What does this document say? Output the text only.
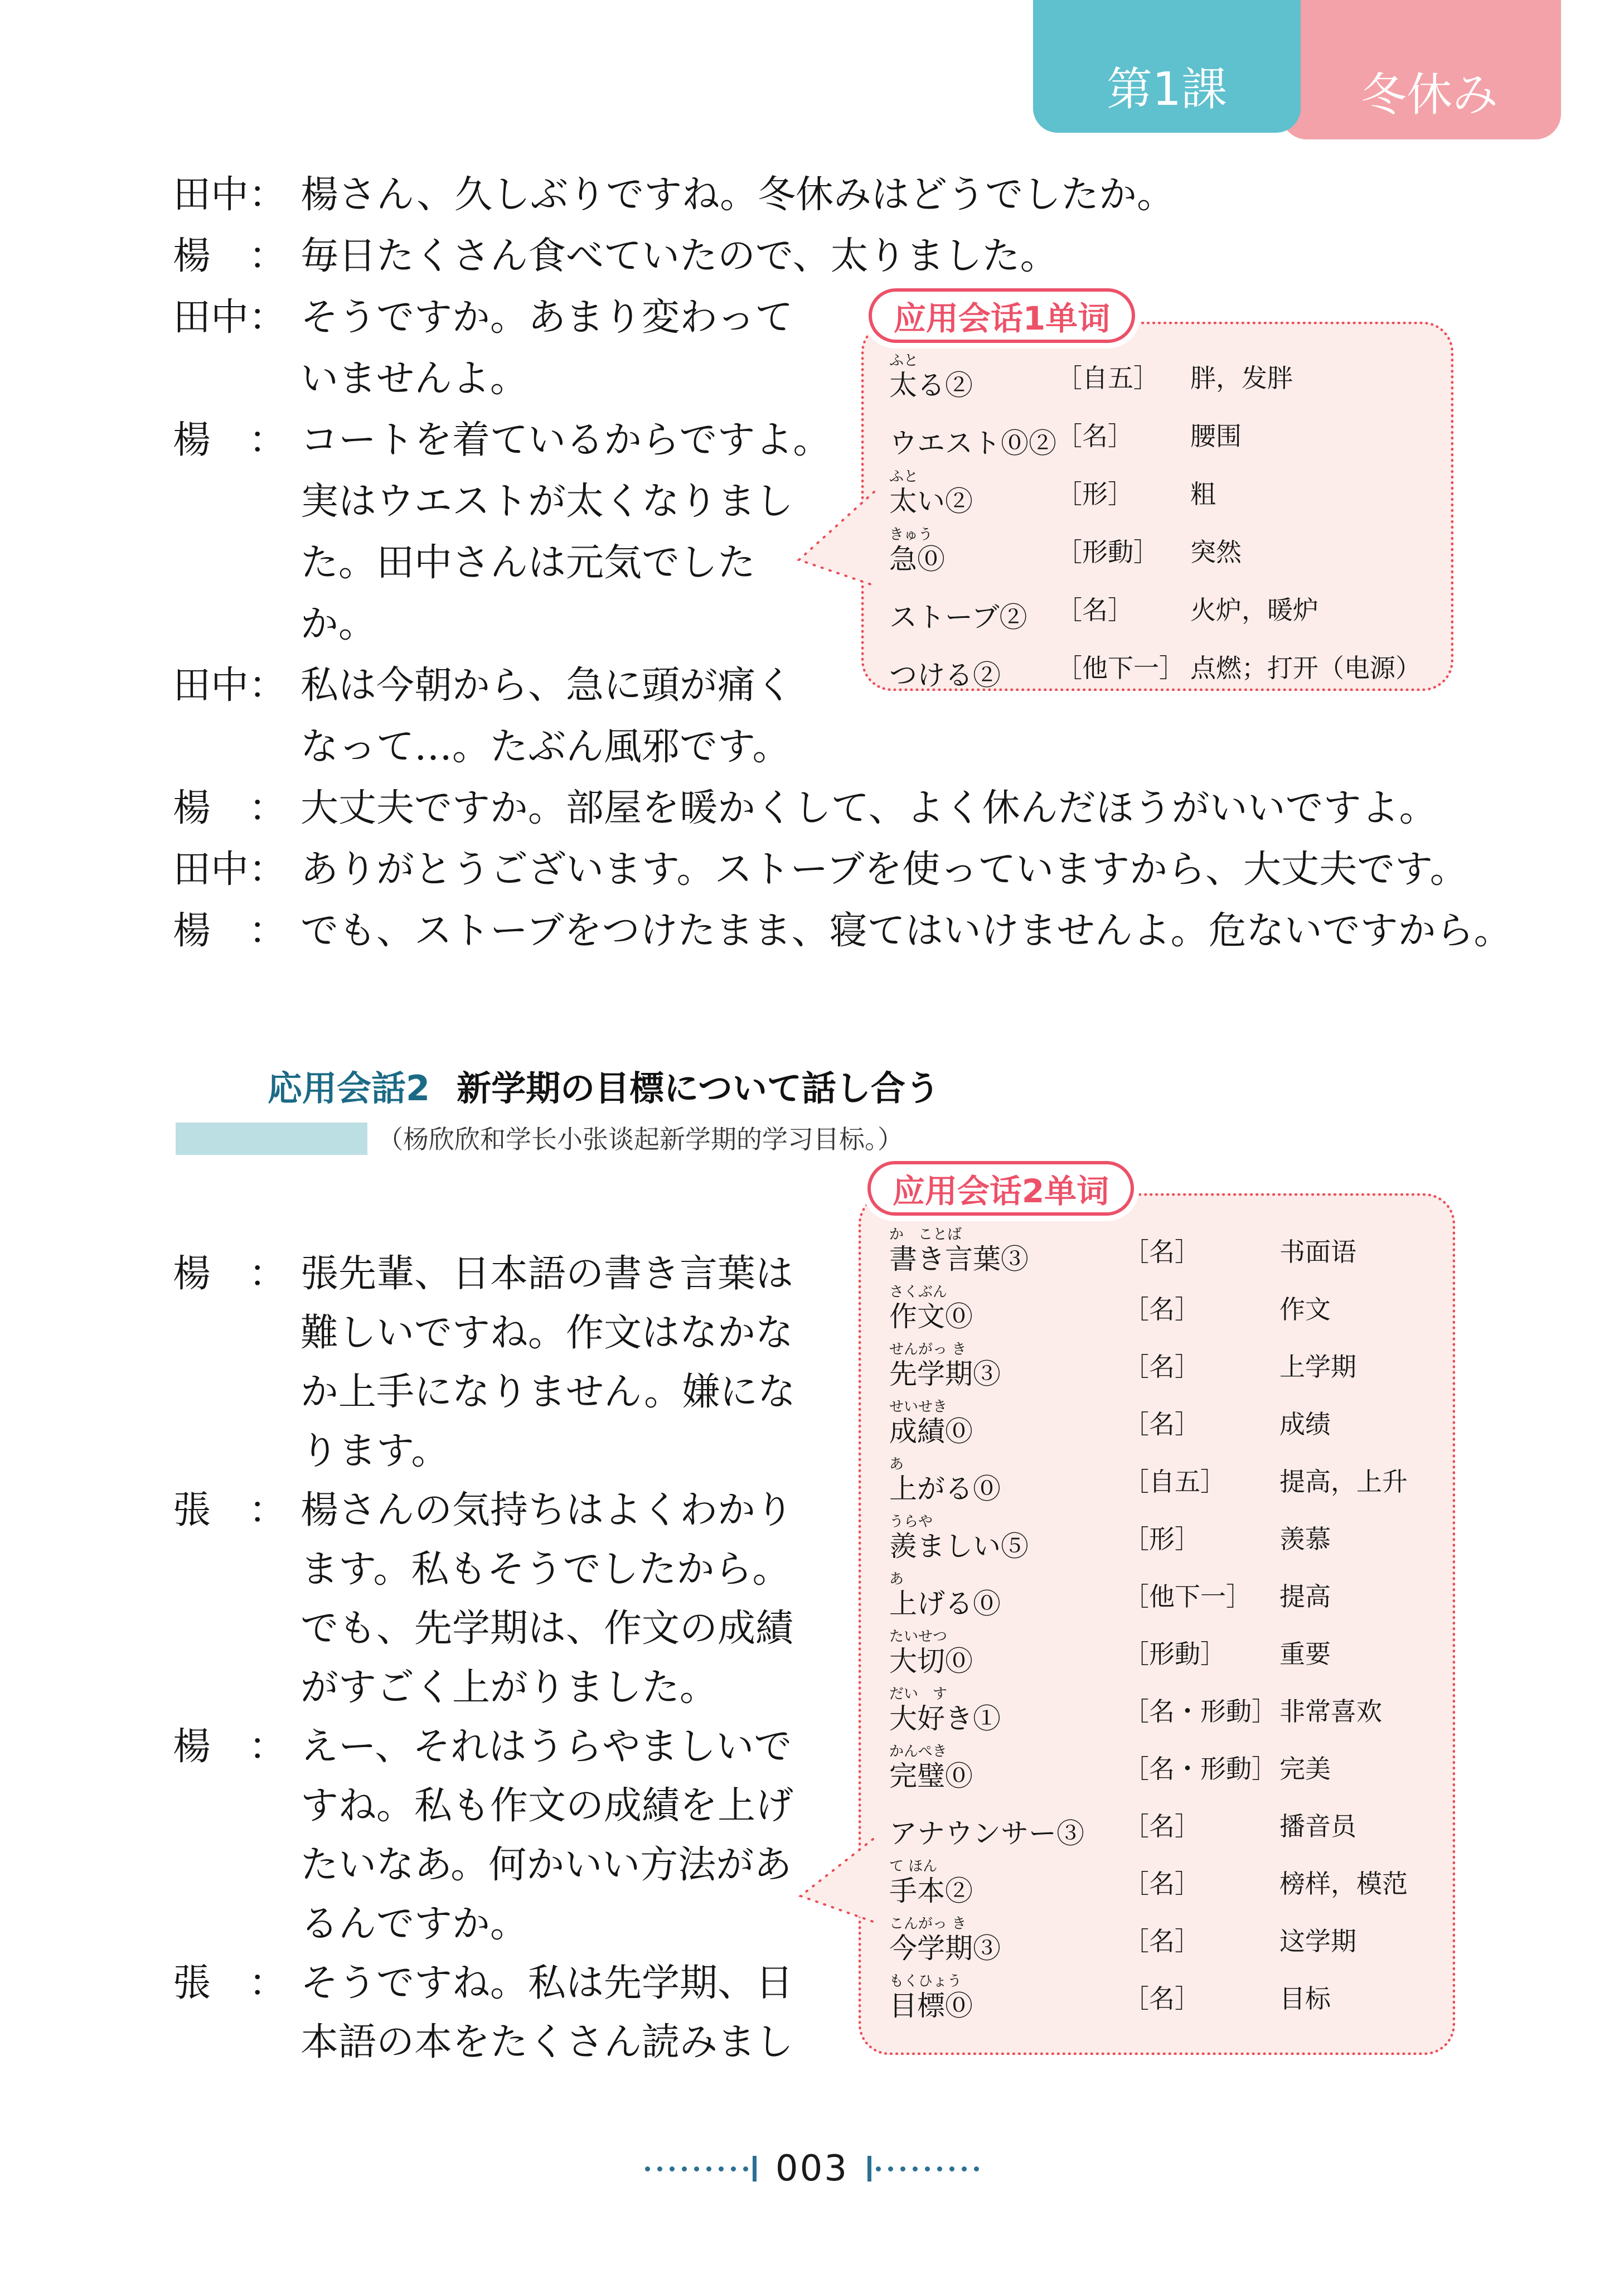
第1課	冬休み
田中： 楊さん、久しぶりですね。冬休みはどうでしたか。
楊　： 毎日たくさん食べていたので、太りました。
田中： そうですか。あまり変わって
いませんよ。
楊　： コートを着ているからですよ。
実はウエストが太くなりまし
た。田中さんは元気でした
か。
田中： 私は今朝から、急に頭が痛く
なって…。たぶん風邪です。
楊　： 大丈夫ですか。部屋を暖かくして、よく休んだほうがいいですよ。
田中： ありがとうございます。ストーブを使っていますから、大丈夫です。
楊　： でも、ストーブをつけたまま、寝てはいけませんよ。危ないですから。
ふと
太る②	［自五］	胖，发胖
ウエスト⓪② ［名］	腰围
ふと
太い②	［形］	粗
きゅう
急⓪	［形動］	突然
ストーブ②	［名］	火炉，暖炉
つける②	［他下一］ 点燃；打开（电源）
应用会话1单词
応用会話2 新学期の目標について話し合う
（杨欣欣和学长小张谈起新学期的学习目标。）
楊　： 張先輩、日本語の書き言葉は
難しいですね。作文はなかな
か上手になりません。嫌にな
ります。
張　： 楊さんの気持ちはよくわかり
ます。私もそうでしたから。
でも、先学期は、作文の成績
がすごく上がりました。
楊　： えー、それはうらやましいで
すね。私も作文の成績を上げ
たいなあ。何かいい方法があ
るんですか。
張　： そうですね。私は先学期、日
本語の本をたくさん読みまし
か　ことば
書き言葉③	［名］	书面语
さくぶん
作文⓪	［名］	作文
せんがっ き
先学期③	［名］	上学期
せいせき
成績⓪	［名］	成绩
あ
上がる⓪	［自五］	提高，上升
うらや
羨ましい⑤	［形］	羡慕
あ
上げる⓪	［他下一］	提高
たいせつ
大切⓪	［形動］	重要
だい　す
大好き①	［名・形動］ 非常喜欢
かんぺき
完璧⓪	［名・形動］ 完美
アナウンサー③	［名］	播音员
て ほん
手本②	［名］	榜样，模范
こんがっ き
今学期③	［名］	这学期
もくひょう
目標⓪	［名］	目标
应用会话2单词
003
